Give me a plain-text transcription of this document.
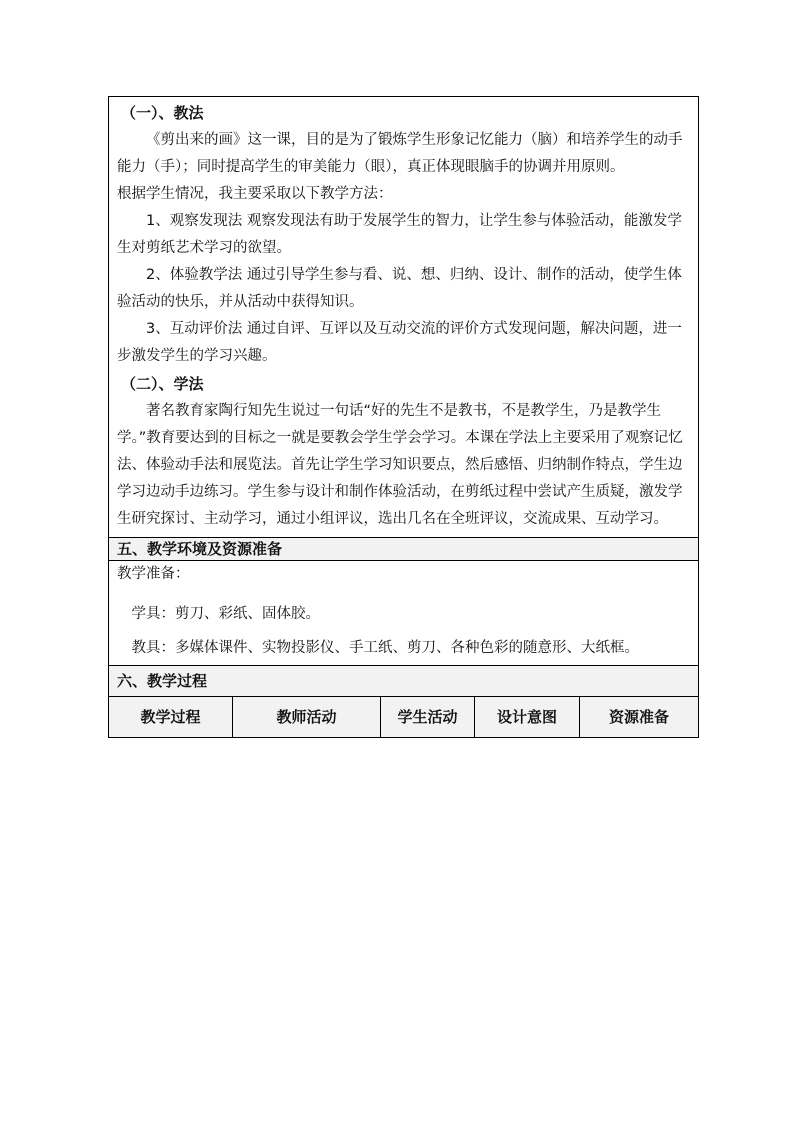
（一）、教法

《剪出来的画》这一课，目的是为了锻炼学生形象记忆能力（脑）和培养学生的动手能力（手）；同时提高学生的审美能力（眼），真正体现眼脑手的协调并用原则。

根据学生情况，我主要采取以下教学方法：

1、观察发现法 观察发现法有助于发展学生的智力，让学生参与体验活动，能激发学生对剪纸艺术学习的欲望。

2、体验教学法 通过引导学生参与看、说、想、归纳、设计、制作的活动，使学生体验活动的快乐，并从活动中获得知识。

3、互动评价法 通过自评、互评以及互动交流的评价方式发现问题，解决问题，进一步激发学生的学习兴趣。

（二）、学法

著名教育家陶行知先生说过一句话“好的先生不是教书，不是教学生，乃是教学生学。”教育要达到的目标之一就是要教会学生学会学习。本课在学法上主要采用了观察记忆法、体验动手法和展览法。首先让学生学习知识要点，然后感悟、归纳制作特点，学生边学习边动手边练习。学生参与设计和制作体验活动，在剪纸过程中尝试产生质疑，激发学生研究探讨、主动学习，通过小组评议，选出几名在全班评议，交流成果、互动学习。

五、教学环境及资源准备

教学准备：

学具：剪刀、彩纸、固体胶。

教具：多媒体课件、实物投影仪、手工纸、剪刀、各种色彩的随意形、大纸框。

六、教学过程
教学过程	教师活动	学生活动	设计意图	资源准备
